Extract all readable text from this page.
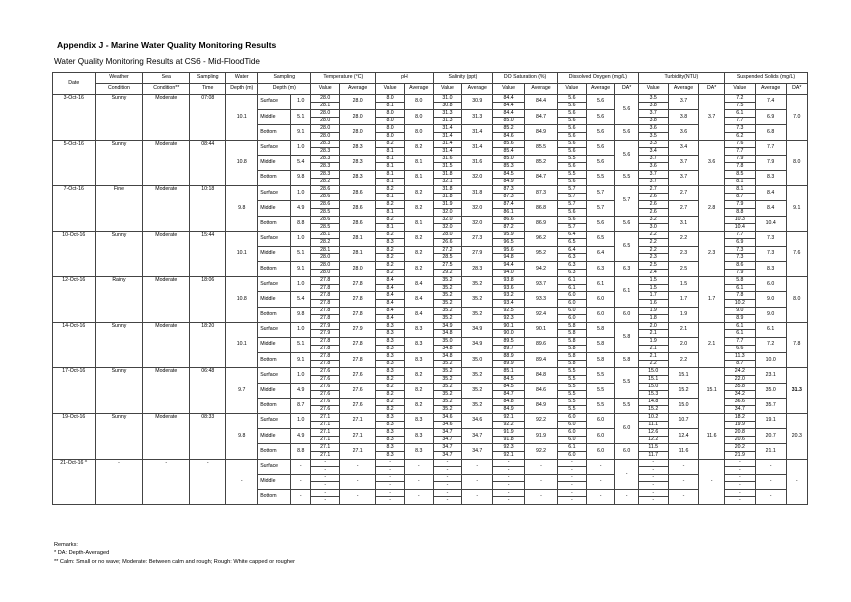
Appendix J - Marine Water Quality Monitoring Results
Water Quality Monitoring Results at CS6 - Mid-FloodTide
Date	Weather	Sea	Sampling	Water	Sampling		Temperature (°C)		pH		Salinity (ppt)		DO Saturation (%)		Dissolved Oxygen (mg/L)			Turbidity(NTU)			Suspended Solids (mg/L)		
	Condition	Condition**	Time	Depth (m)	Depth (m)		Value	Average	Value	Average	Value	Average	Value	Average	Value	Average	DA*	Value	Average	DA*	Value	Average	DA*
3-Oct-16	Sunny	Moderate	07:08	10.1	Surface	1.0	28.0	28.0	8.0	8.0	31.0	30.9	84.4	84.4	5.6	5.6	5.6	3.5	3.7	3.7	7.2	7.4	7.0
							28.1		8.1		30.8		84.4		5.6			3.8			7.5		
					Middle	5.1	28.0	28.0	8.0	8.0	31.3	31.3	84.4	84.7	5.6	5.6		3.7	3.8		6.1	6.9	
							28.0		8.0		31.3		85.0		5.6			3.8			7.7		
					Bottom	9.1	28.0	28.0	8.0	8.0	31.4	31.4	85.2	84.9	5.6	5.6	5.6	3.6	3.6		7.3	6.8	
							28.0		8.0		31.4		84.6		5.6			3.5			6.2		
5-Oct-16	Sunny	Moderate	08:44	10.8	Surface	1.0	28.3	28.3	8.2	8.2	31.4	31.4	85.6	85.5	5.6	5.6	5.6	3.3	3.4	3.6	7.6	7.7	8.0
							28.3		8.1		31.4		85.4		5.6			3.4			7.7		
					Middle	5.4	28.3	28.3	8.1	8.1	31.6	31.6	85.0	85.2	5.5	5.6		3.7	3.7		7.9	7.9	
							28.3		8.1		31.5		85.3		5.6			3.6			7.8		
					Bottom	9.8	28.3	28.3	8.1	8.1	31.8	32.0	84.5	84.7	5.5	5.5	5.5	3.7	3.7		8.5	8.3	
							28.2		8.1		32.1		84.9		5.6			3.7			8.1		
7-Oct-16	Fine	Moderate	10:18	9.8	Surface	1.0	28.6	28.6	8.2	8.2	31.8	31.8	87.3	87.3	5.7	5.7	5.7	2.7	2.7	2.8	8.1	8.4	9.1
							28.6		8.1		31.8		87.3		5.7			2.6			8.7		
					Middle	4.9	28.6	28.6	8.2	8.2	31.9	32.0	87.4	86.8	5.7	5.7		2.6	2.7		7.9	8.4	
							28.5		8.1		32.0		86.1		5.6			2.6			8.8		
					Bottom	8.8	28.6	28.6	8.2	8.1	32.0	32.0	86.6	86.9	5.6	5.6	5.6	3.2	3.1		10.3	10.4	
							28.5		8.1		32.0		87.2		5.7			3.0			10.4		
10-Oct-16	Sunny	Moderate	15:44	10.1	Surface	1.0	28.1	28.1	8.2	8.2	28.0	27.3	95.9	96.2	6.4	6.5	6.5	2.2	2.2	2.3	7.7	7.3	7.6
							28.2		8.3		26.6		96.5		6.5			2.2			6.9		
					Middle	5.1	28.1	28.1	8.2	8.2	27.2	27.9	95.6	95.2	6.4	6.4		2.2	2.3		7.3	7.3	
							28.0		8.2		28.5		94.8		6.3			2.3			7.3		
					Bottom	9.1	28.0	28.0	8.2	8.2	27.5	28.3	94.4	94.2	6.3	6.3	6.3	2.5	2.5		8.6	8.3	
							28.0		8.2		29.2		94.0		6.3			2.4			7.9		
12-Oct-16	Rainy	Moderate	18:06	10.8	Surface	1.0	27.8	27.8	8.4	8.4	35.2	35.2	93.8	93.7	6.1	6.1	6.1	1.5	1.5	1.7	5.8	6.0	8.0
							27.8		8.4		35.2		93.6		6.1			1.5			6.1		
					Middle	5.4	27.8	27.8	8.4	8.4	35.2	35.2	93.2	93.3	6.0	6.0		1.7	1.7		7.8	9.0	
							27.8		8.4		35.2		93.4		6.0			1.6			10.2		
					Bottom	9.8	27.8	27.8	8.4	8.4	35.2	35.2	92.5	92.4	6.0	6.0	6.0	1.9	1.9		9.0	9.0	
							27.8		8.4		35.2		92.3		6.0			1.8			8.9		
14-Oct-16	Sunny	Moderate	18:20	10.1	Surface	1.0	27.9	27.9	8.3	8.3	34.9	34.9	90.1	90.1	5.8	5.8	5.8	2.0	2.1	2.1	6.1	6.1	7.8
							27.9		8.3		34.8		90.0		5.8			2.1			6.1		
					Middle	5.1	27.8	27.8	8.3	8.3	35.0	34.9	89.5	89.6	5.8	5.8		1.9	2.0		7.7	7.2	
							27.8		8.3		34.8		89.7		5.8			2.1			6.6		
					Bottom	9.1	27.8	27.8	8.3	8.3	34.8	35.0	88.9	89.4	5.8	5.8	5.8	2.1	2.2		11.3	10.0	
							27.8		8.3		35.2		89.9		5.8			2.2			8.7		
17-Oct-16	Sunny	Moderate	06:48	9.7	Surface	1.0	27.6	27.6	8.3	8.2	35.2	35.2	85.1	84.8	5.5	5.5	5.5	15.0	15.1	15.1	24.2	23.1	31.3
							27.6		8.2		35.2		84.5		5.5			15.1			22.0		
					Middle	4.9	27.6	27.6	8.2	8.2	35.2	35.2	84.5	84.6	5.5	5.5		15.0	15.2		35.8	35.0	
							27.6		8.2		35.2		84.7		5.5			15.3			34.2		
					Bottom	8.7	27.6	27.6	8.2	8.2	35.2	35.2	84.8	84.9	5.5	5.5	5.5	14.8	15.0		36.6	35.7	
							27.6		8.2		35.2		84.9		5.5			15.2			34.7		
19-Oct-16	Sunny	Moderate	08:33	9.8	Surface	1.0	27.1	27.1	8.3	8.3	34.6	34.6	92.1	92.2	6.0	6.0	6.0	10.2	10.7	11.6	18.2	19.1	20.3
							27.1		8.3		34.6		92.2		6.0			11.1			19.9		
					Middle	4.9	27.1	27.1	8.3	8.3	34.7	34.7	91.9	91.9	6.0	6.0		12.6	12.4		20.8	20.7	
							27.1		8.3		34.7		91.8		6.0			12.2			20.6		
					Bottom	8.8	27.1	27.1	8.3	8.3	34.7	34.7	92.3	92.2	6.1	6.0	6.0	11.5	11.6		20.2	21.1	
							27.1		8.3		34.7		92.1		6.0			11.7			21.9		
21-Oct-16 ^	-	-	-	-	Surface	-	-	-	-	-	-	-	-	-	-	-	-	-	-	-	-	-	-
							-		-		-		-		-			-			-		
					Middle	-	-	-	-	-	-	-	-	-	-	-		-	-		-	-	
							-		-		-		-		-			-			-		
					Bottom	-	-	-	-	-	-	-	-	-	-	-	-	-	-		-	-	
							-		-		-		-		-			-			-		
Remarks:
* DA: Depth-Averaged
** Calm: Small or no wave; Moderate: Between calm and rough; Rough: White capped or rougher
